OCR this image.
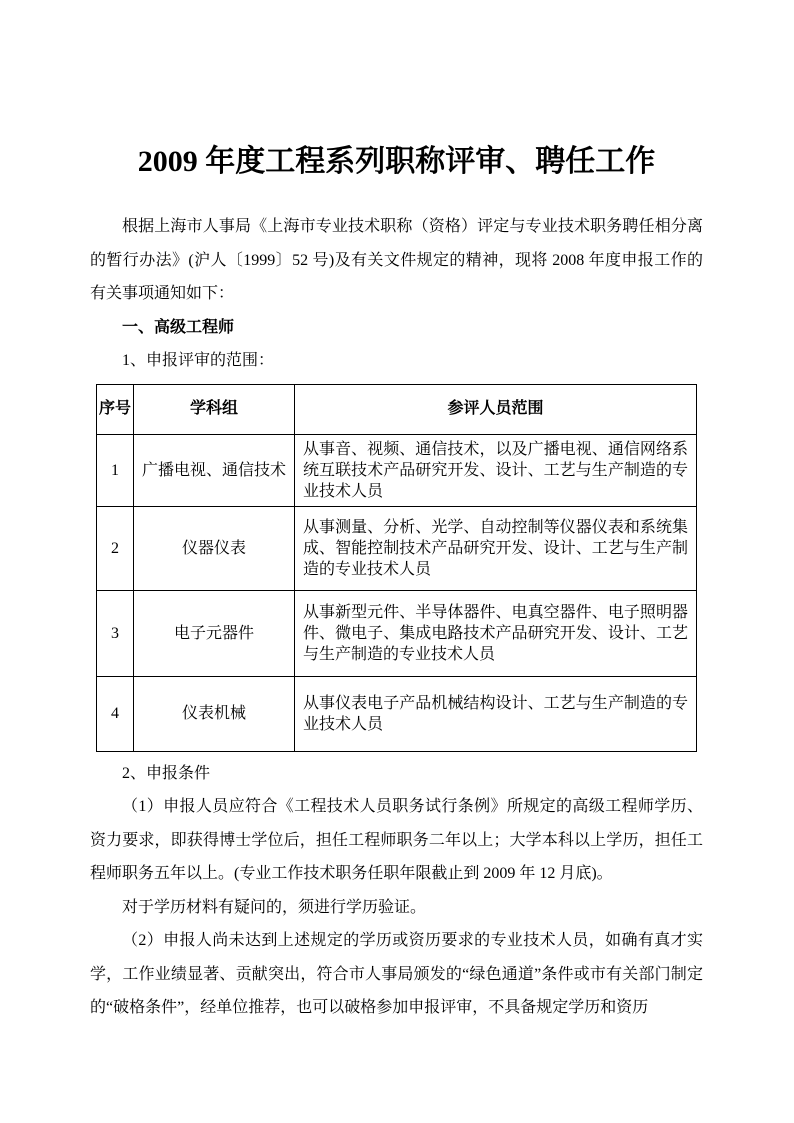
2009 年度工程系列职称评审、聘任工作

根据上海市人事局《上海市专业技术职称（资格）评定与专业技术职务聘任相分离的暂行办法》(沪人〔1999〕52 号)及有关文件规定的精神，现将 2008 年度申报工作的有关事项通知如下：

一、高级工程师

1、申报评审的范围：

序号	学科组	参评人员范围
1	广播电视、通信技术	从事音、视频、通信技术，以及广播电视、通信网络系统互联技术产品研究开发、设计、工艺与生产制造的专业技术人员
2	仪器仪表	从事测量、分析、光学、自动控制等仪器仪表和系统集成、智能控制技术产品研究开发、设计、工艺与生产制造的专业技术人员
3	电子元器件	从事新型元件、半导体器件、电真空器件、电子照明器件、微电子、集成电路技术产品研究开发、设计、工艺与生产制造的专业技术人员
4	仪表机械	从事仪表电子产品机械结构设计、工艺与生产制造的专业技术人员

2、申报条件

（1）申报人员应符合《工程技术人员职务试行条例》所规定的高级工程师学历、资力要求，即获得博士学位后，担任工程师职务二年以上；大学本科以上学历，担任工程师职务五年以上。(专业工作技术职务任职年限截止到 2009 年 12 月底)。

对于学历材料有疑问的，须进行学历验证。

（2）申报人尚未达到上述规定的学历或资历要求的专业技术人员，如确有真才实学，工作业绩显著、贡献突出，符合市人事局颁发的“绿色通道”条件或市有关部门制定的“破格条件”，经单位推荐，也可以破格参加申报评审，不具备规定学历和资历
